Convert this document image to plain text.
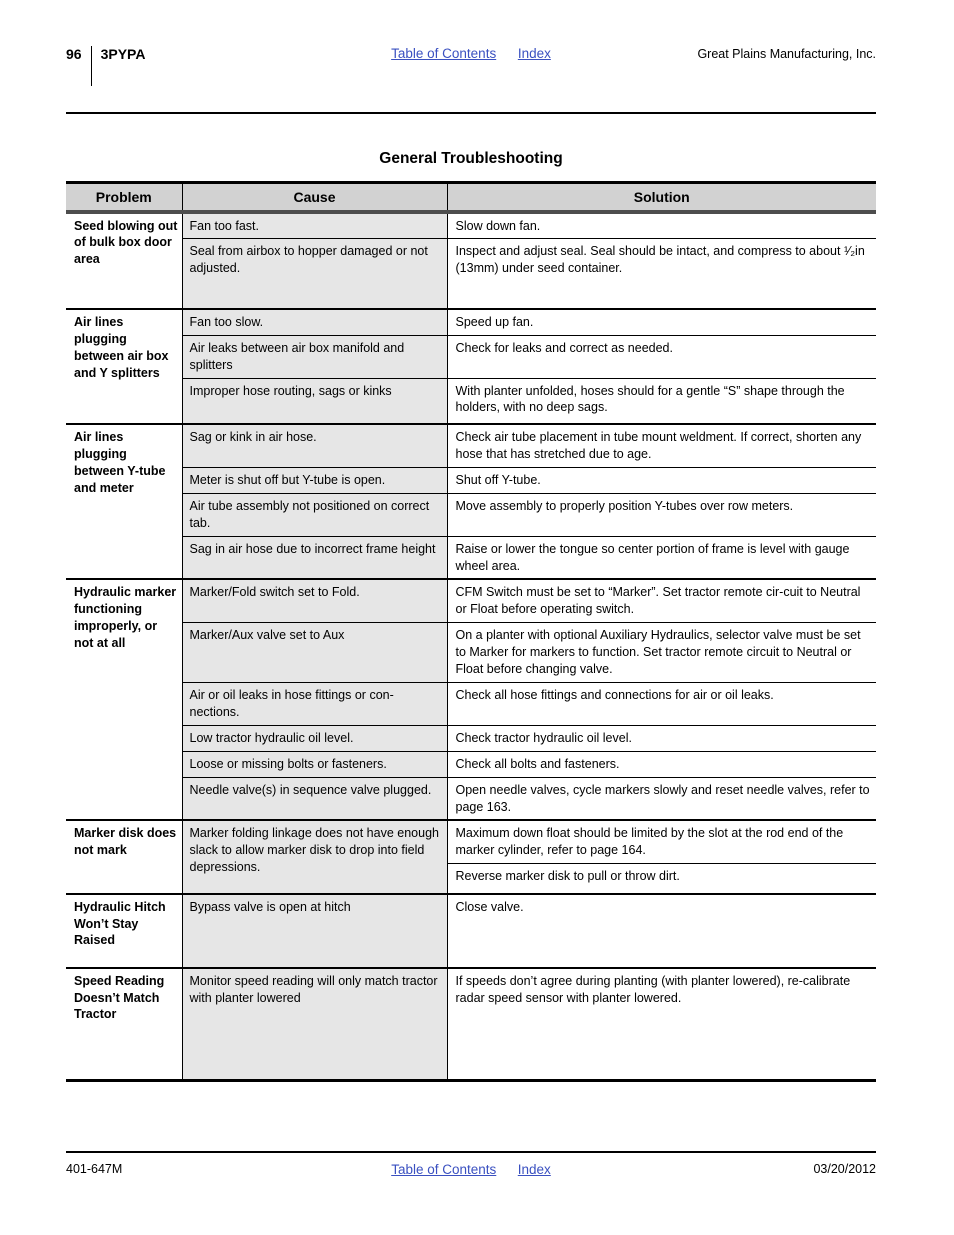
96 3PYPA	Table of Contents Index	Great Plains Manufacturing, Inc.
General Troubleshooting
Problem	Cause	Solution
Seed blowing out of bulk box door area	Fan too fast.	Slow down fan.
	Seal from airbox to hopper damaged or not adjusted.	Inspect and adjust seal. Seal should be intact, and compress to about ¹⁄₂in (13mm) under seed container.
Air lines plugging between air box and Y splitters	Fan too slow.	Speed up fan.
	Air leaks between air box manifold and splitters	Check for leaks and correct as needed.
	Improper hose routing, sags or kinks	With planter unfolded, hoses should for a gentle “S” shape through the holders, with no deep sags.
Air lines plugging between Y-tube and meter	Sag or kink in air hose.	Check air tube placement in tube mount weldment. If correct, shorten any hose that has stretched due to age.
	Meter is shut off but Y-tube is open.	Shut off Y-tube.
	Air tube assembly not positioned on correct tab.	Move assembly to properly position Y-tubes over row meters.
	Sag in air hose due to incorrect frame height	Raise or lower the tongue so center portion of frame is level with gauge wheel area.
Hydraulic marker functioning improperly, or not at all	Marker/Fold switch set to Fold.	CFM Switch must be set to “Marker”. Set tractor remote cir-cuit to Neutral or Float before operating switch.
	Marker/Aux valve set to Aux	On a planter with optional Auxiliary Hydraulics, selector valve must be set to Marker for markers to function. Set tractor remote circuit to Neutral or Float before changing valve.
	Air or oil leaks in hose fittings or con-nections.	Check all hose fittings and connections for air or oil leaks.
	Low tractor hydraulic oil level.	Check tractor hydraulic oil level.
	Loose or missing bolts or fasteners.	Check all bolts and fasteners.
	Needle valve(s) in sequence valve plugged.	Open needle valves, cycle markers slowly and reset needle valves, refer to page 163.
Marker disk does not mark	Marker folding linkage does not have enough slack to allow marker disk to drop into field depressions.	Maximum down float should be limited by the slot at the rod end of the marker cylinder, refer to page 164.
		Reverse marker disk to pull or throw dirt.
Hydraulic Hitch Won’t Stay Raised	Bypass valve is open at hitch	Close valve.
Speed Reading Doesn’t Match Tractor	Monitor speed reading will only match tractor with planter lowered	If speeds don’t agree during planting (with planter lowered), re-calibrate radar speed sensor with planter lowered.
401-647M	Table of Contents Index	03/20/2012
